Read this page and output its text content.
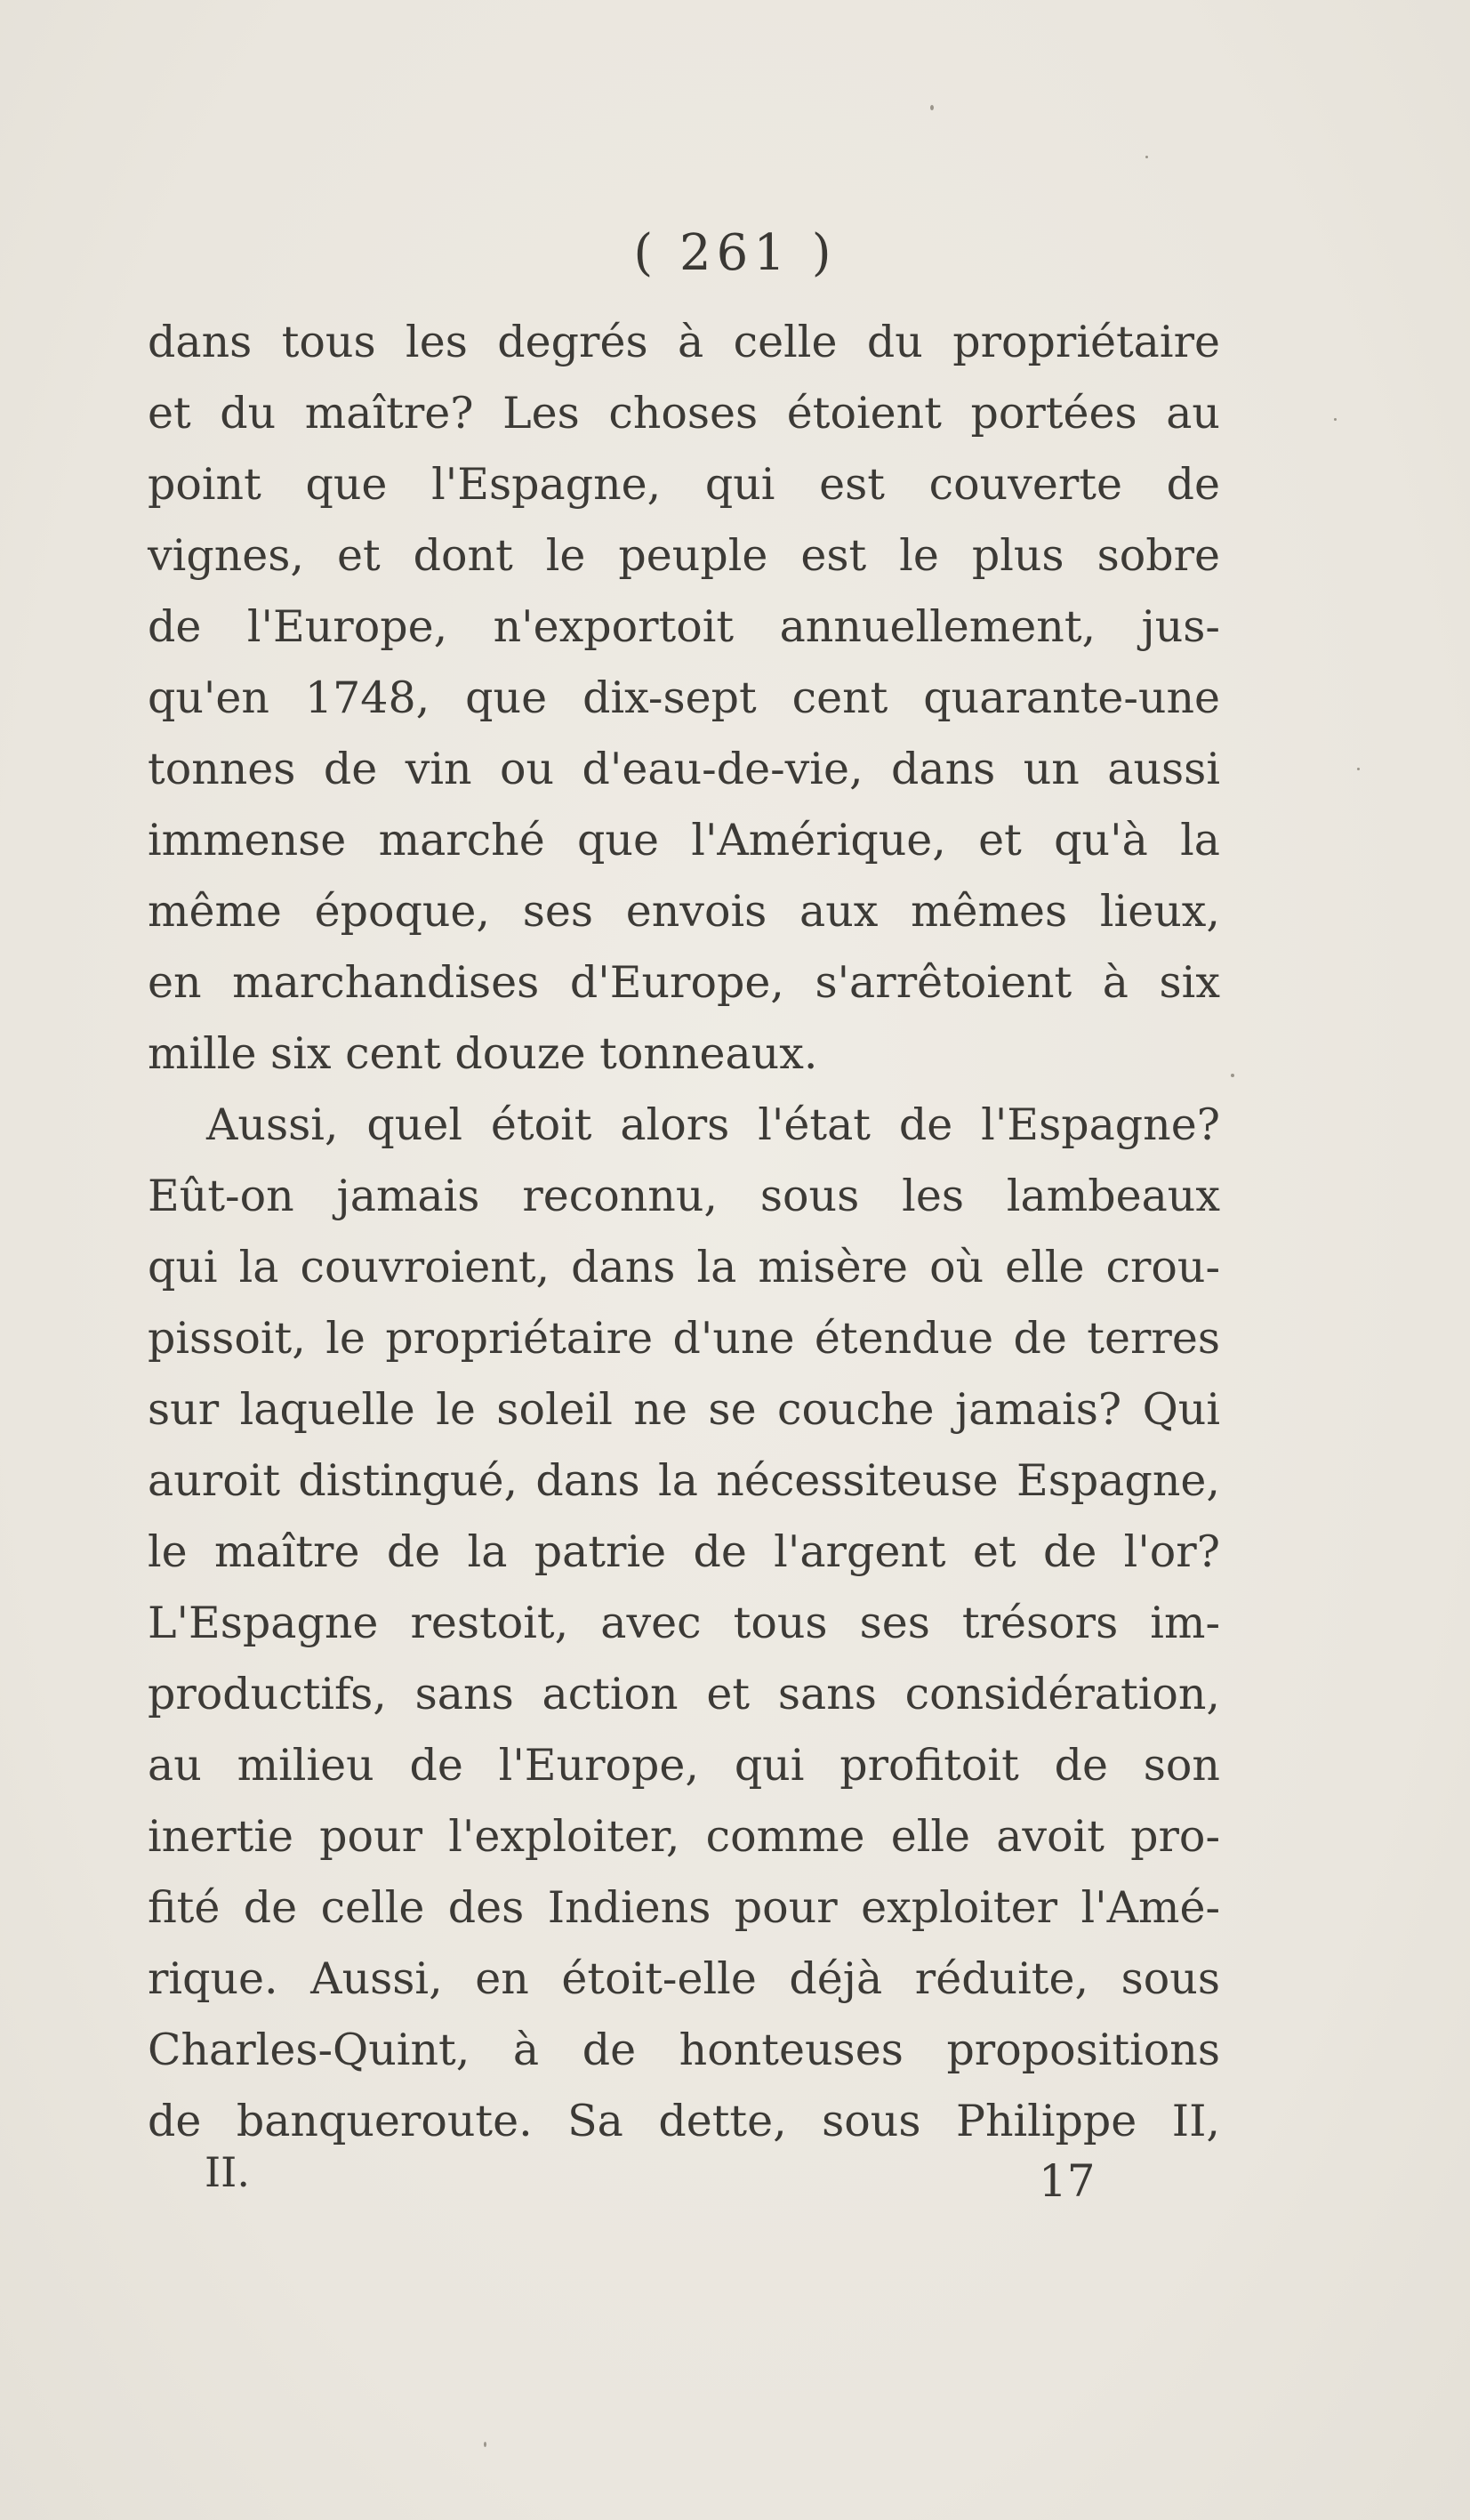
( 261 )
dans tous les degrés à celle du propriétaire
et du maître? Les choses étoient portées au
point que l'Espagne, qui est couverte de
vignes, et dont le peuple est le plus sobre
de l'Europe, n'exportoit annuellement, jus-
qu'en 1748, que dix-sept cent quarante-une
tonnes de vin ou d'eau-de-vie, dans un aussi
immense marché que l'Amérique, et qu'à la
même époque, ses envois aux mêmes lieux,
en marchandises d'Europe, s'arrêtoient à six
mille six cent douze tonneaux.
Aussi, quel étoit alors l'état de l'Espagne?
Eût-on jamais reconnu, sous les lambeaux
qui la couvroient, dans la misère où elle crou-
pissoit, le propriétaire d'une étendue de terres
sur laquelle le soleil ne se couche jamais? Qui
auroit distingué, dans la nécessiteuse Espagne,
le maître de la patrie de l'argent et de l'or?
L'Espagne restoit, avec tous ses trésors im-
productifs, sans action et sans considération,
au milieu de l'Europe, qui profitoit de son
inertie pour l'exploiter, comme elle avoit pro-
fité de celle des Indiens pour exploiter l'Amé-
rique. Aussi, en étoit-elle déjà réduite, sous
Charles-Quint, à de honteuses propositions
de banqueroute. Sa dette, sous Philippe II,
II.	17
